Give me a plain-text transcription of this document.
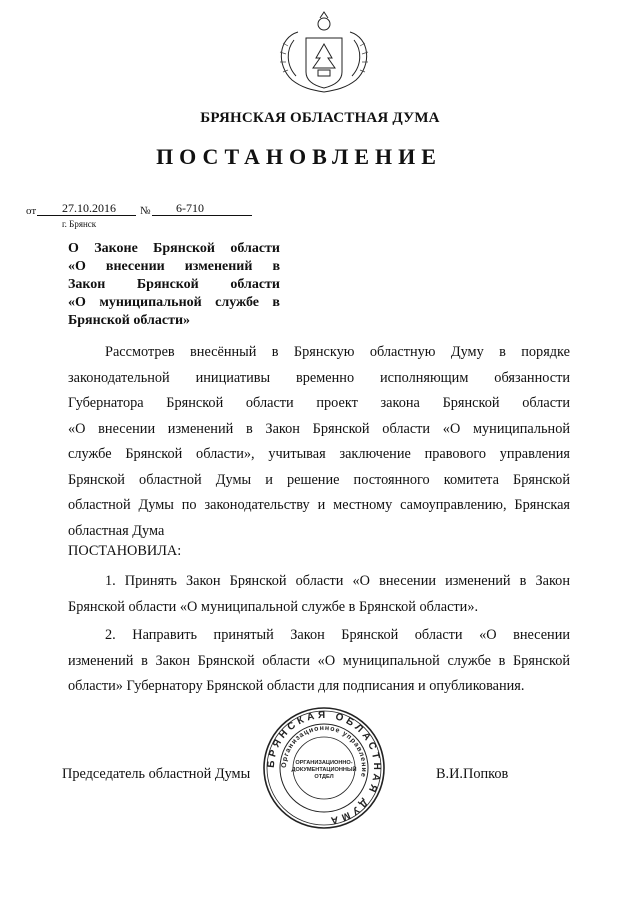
БРЯНСКАЯ ОБЛАСТНАЯ ДУМА
ПОСТАНОВЛЕНИЕ
от 27.10.2016 № 6-710
г. Брянск
О Законе Брянской области
«О внесении изменений в
Закон Брянской области
«О муниципальной службе в
Брянской области»
Рассмотрев внесённый в Брянскую областную Думу в порядке
законодательной инициативы временно исполняющим обязанности
Губернатора Брянской области проект закона Брянской области
«О внесении изменений в Закон Брянской области «О муниципальной
службе Брянской области», учитывая заключение правового управления
Брянской областной Думы и решение постоянного комитета Брянской
областной Думы по законодательству и местному самоуправлению, Брянская
областная Дума
ПОСТАНОВИЛА:
1. Принять Закон Брянской области «О внесении изменений в Закон
Брянской области «О муниципальной службе в Брянской области».
2. Направить принятый Закон Брянской области «О внесении
изменений в Закон Брянской области «О муниципальной службе в Брянской
области» Губернатору Брянской области для подписания и опубликования.
Председатель областной Думы	В.И.Попков
БРЯНСКАЯ ОБЛАСТНАЯ ДУМА
Организационное управление
ОРГАНИЗАЦИОННО-
ДОКУМЕНТАЦИОННЫЙ
ОТДЕЛ
